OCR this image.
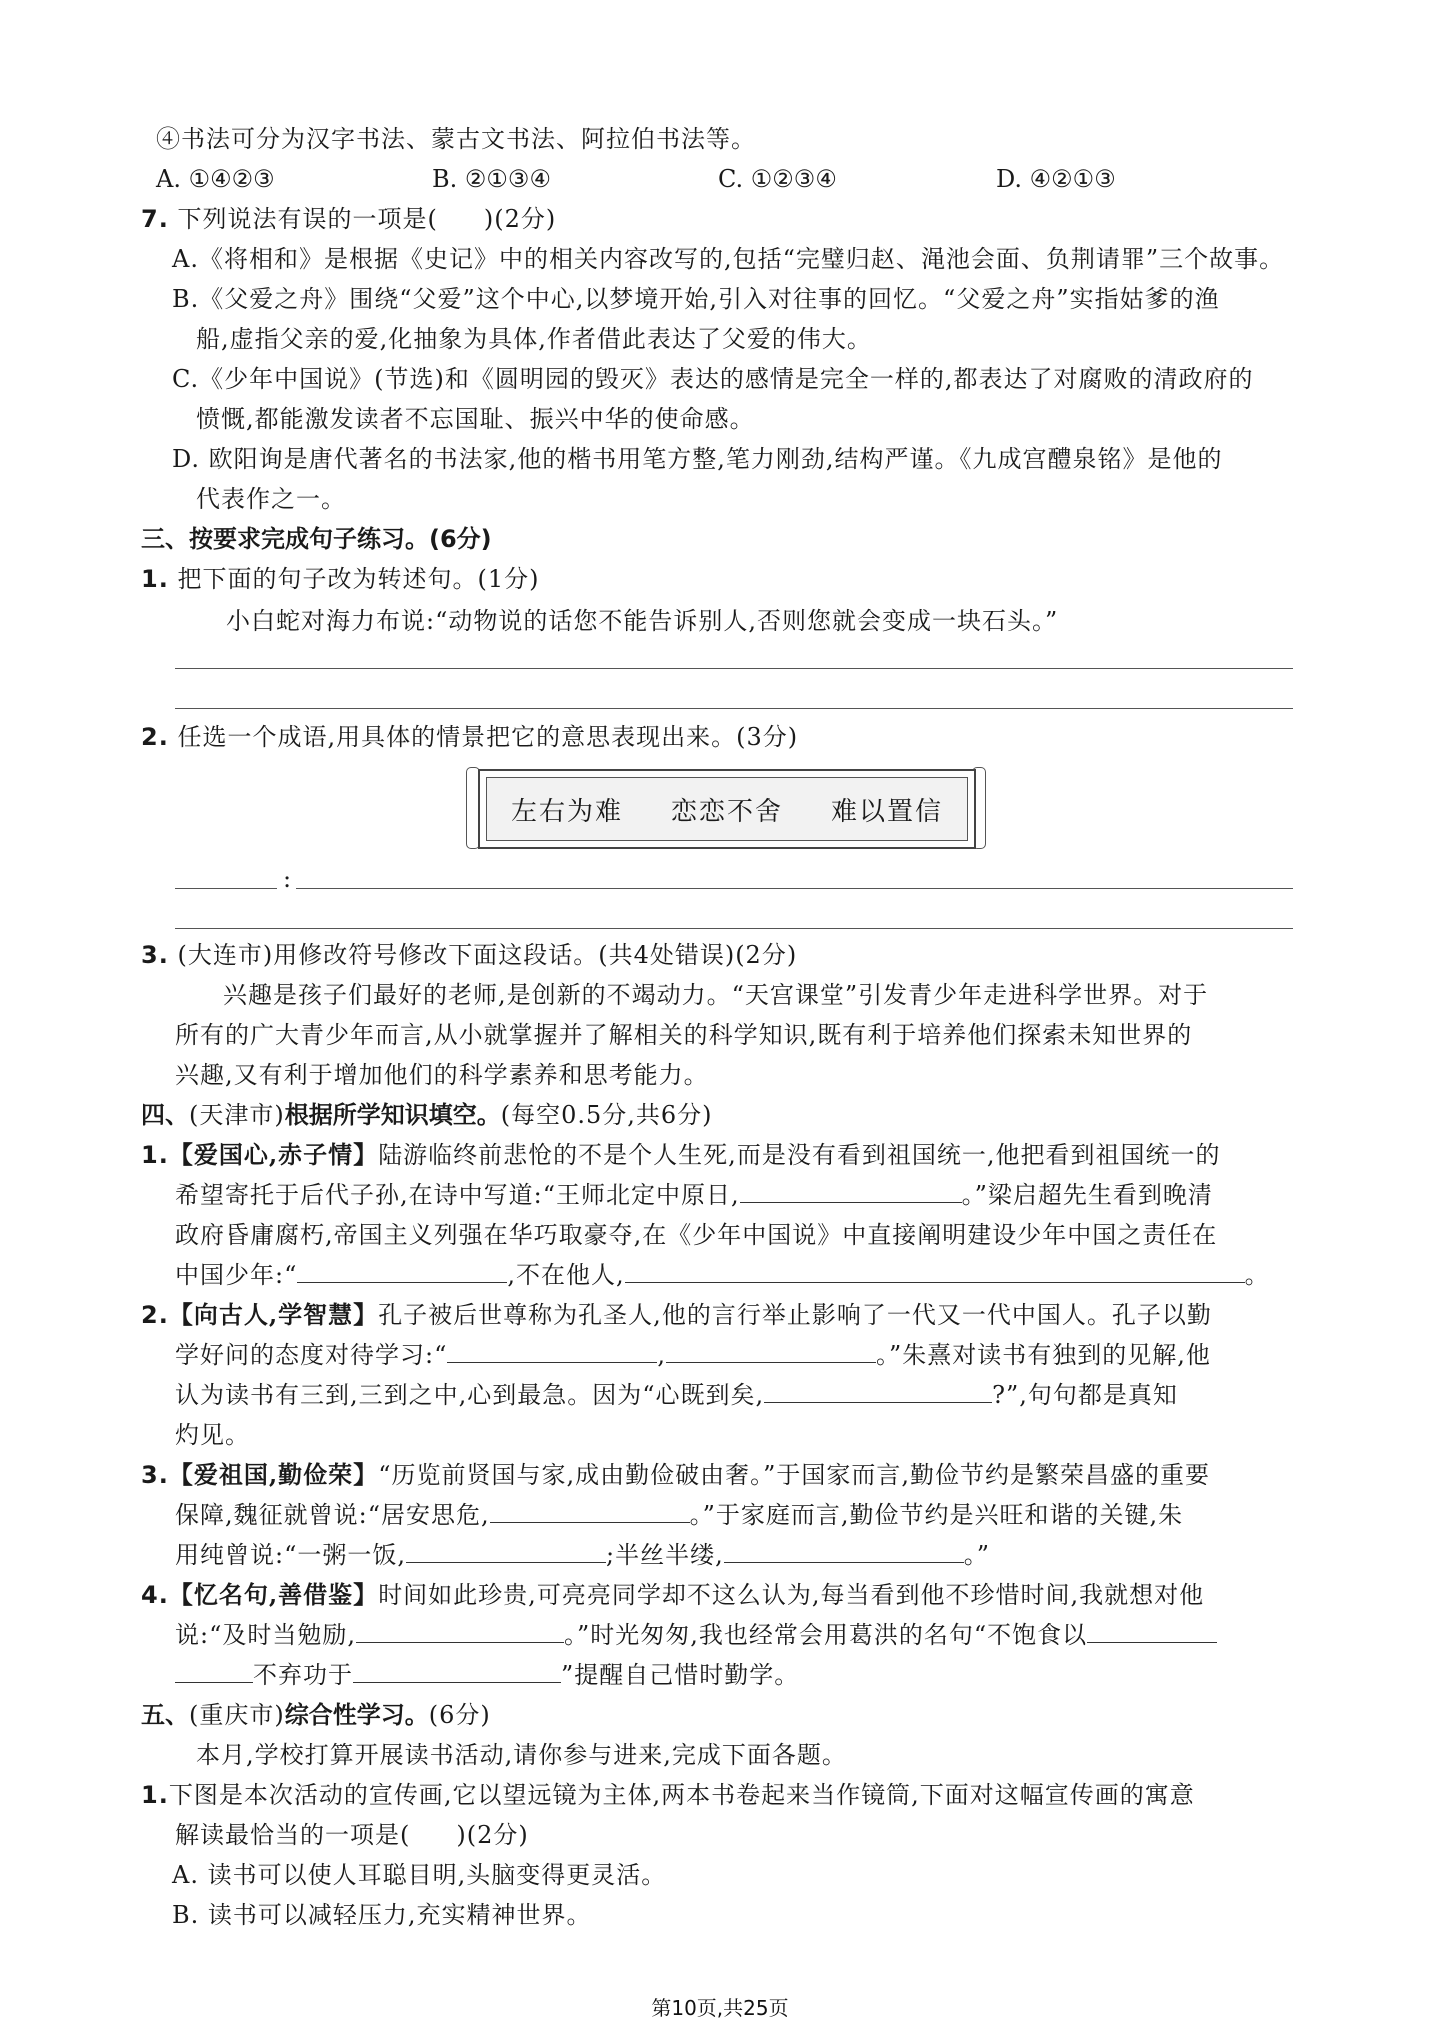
④书法可分为汉字书法、蒙古文书法、阿拉伯书法等。
A. ①④②③	B. ②①③④	C. ①②③④	D. ④②①③
7. 下列说法有误的一项是( )(2分)
A.《将相和》是根据《史记》中的相关内容改写的,包括“完璧归赵、渑池会面、负荆请罪”三个故事。
B.《父爱之舟》围绕“父爱”这个中心,以梦境开始,引入对往事的回忆。“父爱之舟”实指姑爹的渔
船,虚指父亲的爱,化抽象为具体,作者借此表达了父爱的伟大。
C.《少年中国说》(节选)和《圆明园的毁灭》表达的感情是完全一样的,都表达了对腐败的清政府的
愤慨,都能激发读者不忘国耻、振兴中华的使命感。
D. 欧阳询是唐代著名的书法家,他的楷书用笔方整,笔力刚劲,结构严谨。《九成宫醴泉铭》是他的
代表作之一。
三、按要求完成句子练习。(6分)
1. 把下面的句子改为转述句。(1分)
小白蛇对海力布说:“动物说的话您不能告诉别人,否则您就会变成一块石头。”
2. 任选一个成语,用具体的情景把它的意思表现出来。(3分)
左右为难 恋恋不舍 难以置信
:
3. (大连市)用修改符号修改下面这段话。(共4处错误)(2分)
兴趣是孩子们最好的老师,是创新的不竭动力。“天宫课堂”引发青少年走进科学世界。对于
所有的广大青少年而言,从小就掌握并了解相关的科学知识,既有利于培养他们探索未知世界的
兴趣,又有利于增加他们的科学素养和思考能力。
四、(天津市)根据所学知识填空。(每空0.5分,共6分)
1.【爱国心,赤子情】陆游临终前悲怆的不是个人生死,而是没有看到祖国统一,他把看到祖国统一的
希望寄托于后代子孙,在诗中写道:“王师北定中原日,	。”梁启超先生看到晚清
政府昏庸腐朽,帝国主义列强在华巧取豪夺,在《少年中国说》中直接阐明建设少年中国之责任在
中国少年:“	,不在他人,	。
2.【向古人,学智慧】孔子被后世尊称为孔圣人,他的言行举止影响了一代又一代中国人。孔子以勤
学好问的态度对待学习:“	,	。”朱熹对读书有独到的见解,他
认为读书有三到,三到之中,心到最急。因为“心既到矣,	?”,句句都是真知
灼见。
3.【爱祖国,勤俭荣】“历览前贤国与家,成由勤俭破由奢。”于国家而言,勤俭节约是繁荣昌盛的重要
保障,魏征就曾说:“居安思危,	。”于家庭而言,勤俭节约是兴旺和谐的关键,朱
用纯曾说:“一粥一饭,	;半丝半缕,	。”
4.【忆名句,善借鉴】时间如此珍贵,可亮亮同学却不这么认为,每当看到他不珍惜时间,我就想对他
说:“及时当勉励,	。”时光匆匆,我也经常会用葛洪的名句“不饱食以
不弃功于	”提醒自己惜时勤学。
五、(重庆市)综合性学习。(6分)
本月,学校打算开展读书活动,请你参与进来,完成下面各题。
1.下图是本次活动的宣传画,它以望远镜为主体,两本书卷起来当作镜筒,下面对这幅宣传画的寓意
解读最恰当的一项是( )(2分)
A. 读书可以使人耳聪目明,头脑变得更灵活。
B. 读书可以减轻压力,充实精神世界。
第10页,共25页
